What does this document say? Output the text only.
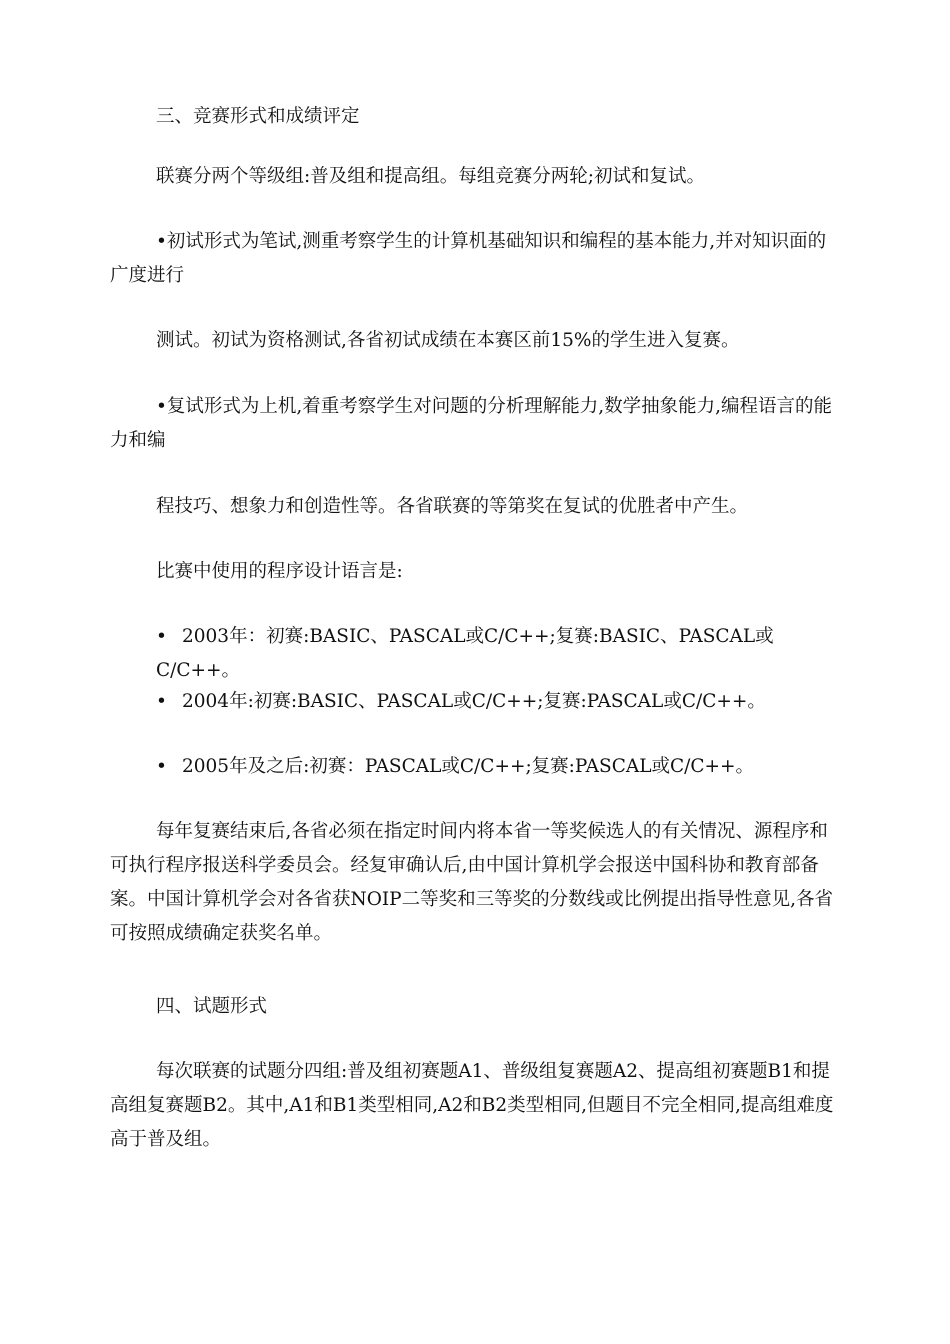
三、竞赛形式和成绩评定

联赛分两个等级组:普及组和提高组。每组竞赛分两轮;初试和复试。

•初试形式为笔试,测重考察学生的计算机基础知识和编程的基本能力,并对知识面的广度进行

测试。初试为资格测试,各省初试成绩在本赛区前15%的学生进入复赛。

•复试形式为上机,着重考察学生对问题的分析理解能力,数学抽象能力,编程语言的能力和编

程技巧、想象力和创造性等。各省联赛的等第奖在复试的优胜者中产生。

比赛中使用的程序设计语言是:

• 2003年：初赛:BASIC、PASCAL或C/C++;复赛:BASIC、PASCAL或C/C++。

• 2004年:初赛:BASIC、PASCAL或C/C++;复赛:PASCAL或C/C++。

• 2005年及之后:初赛：PASCAL或C/C++;复赛:PASCAL或C/C++。

每年复赛结束后,各省必须在指定时间内将本省一等奖候选人的有关情况、源程序和可执行程序报送科学委员会。经复审确认后,由中国计算机学会报送中国科协和教育部备案。中国计算机学会对各省获NOIP二等奖和三等奖的分数线或比例提出指导性意见,各省可按照成绩确定获奖名单。

四、试题形式

每次联赛的试题分四组:普及组初赛题A1、普级组复赛题A2、提高组初赛题B1和提高组复赛题B2。其中,A1和B1类型相同,A2和B2类型相同,但题目不完全相同,提高组难度高于普及组。
